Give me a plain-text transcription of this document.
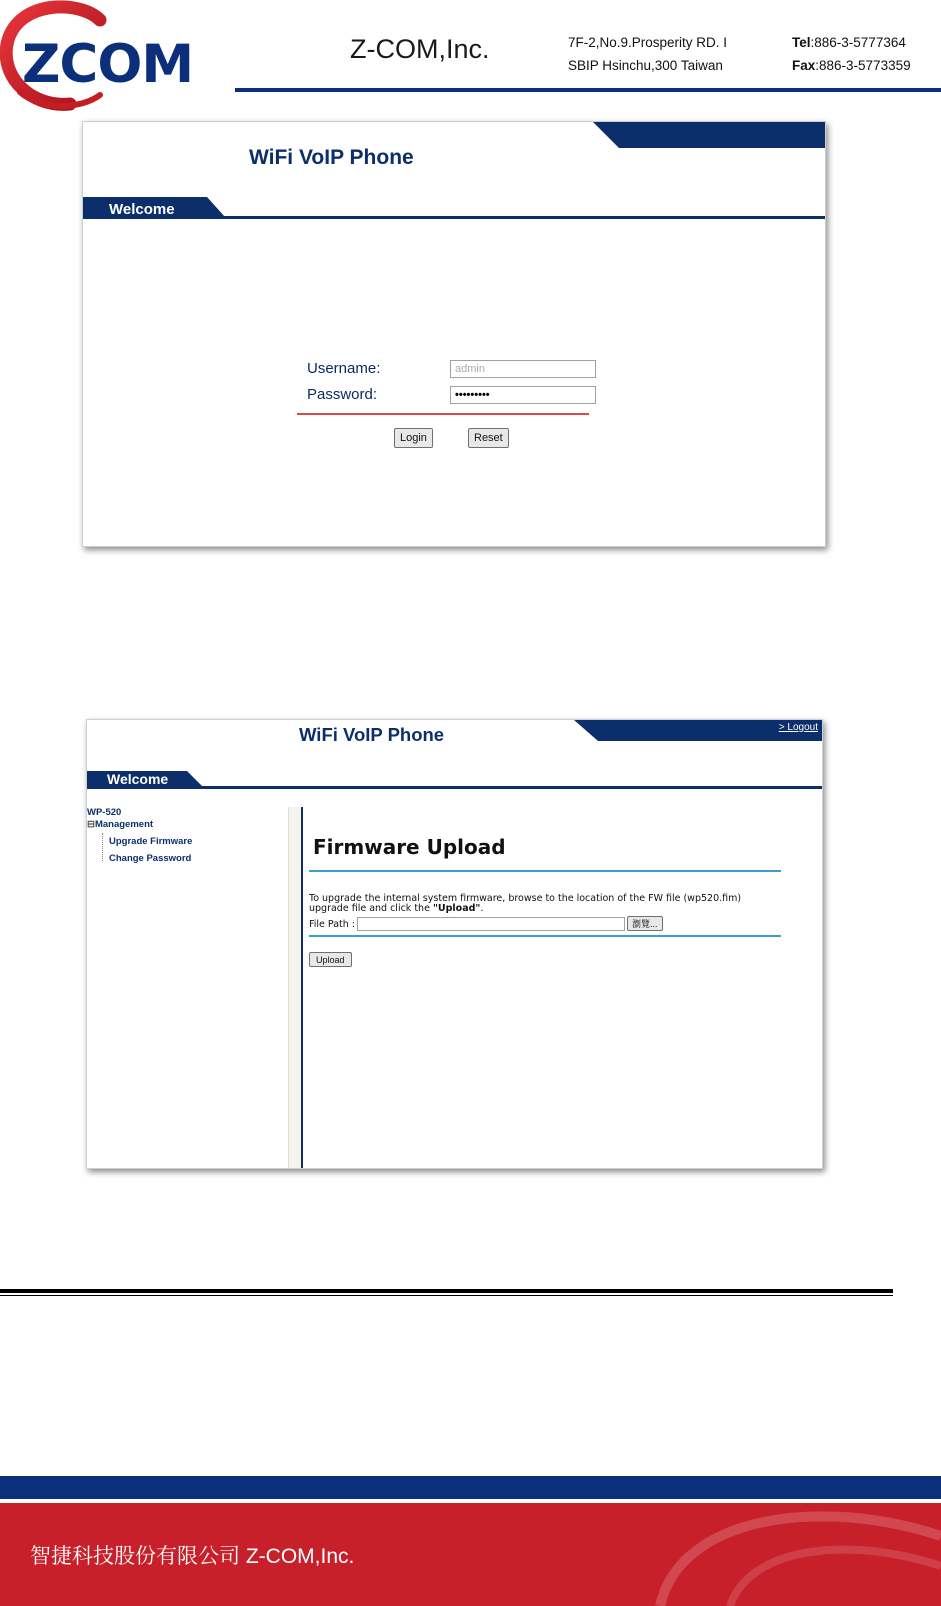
ZCOM	Z-COM,Inc.	7F-2,No.9.Prosperity RD. I
SBIP Hsinchu,300 Taiwan
Tel:886-3-5777364
Fax:886-3-5773359
WiFi VoIP Phone
Welcome
Username:
admin
Password:
•••••••••
Login	Reset
> Logout
WiFi VoIP Phone
Welcome
WP-520
⊟Management
Upgrade Firmware
Change Password	Firmware Upload
To upgrade the internal system firmware, browse to the location of the FW file (wp520.fim)
upgrade file and click the "Upload".
File Path :	瀏覽...
Upload
智捷科技股份有限公司 Z-COM,Inc.
